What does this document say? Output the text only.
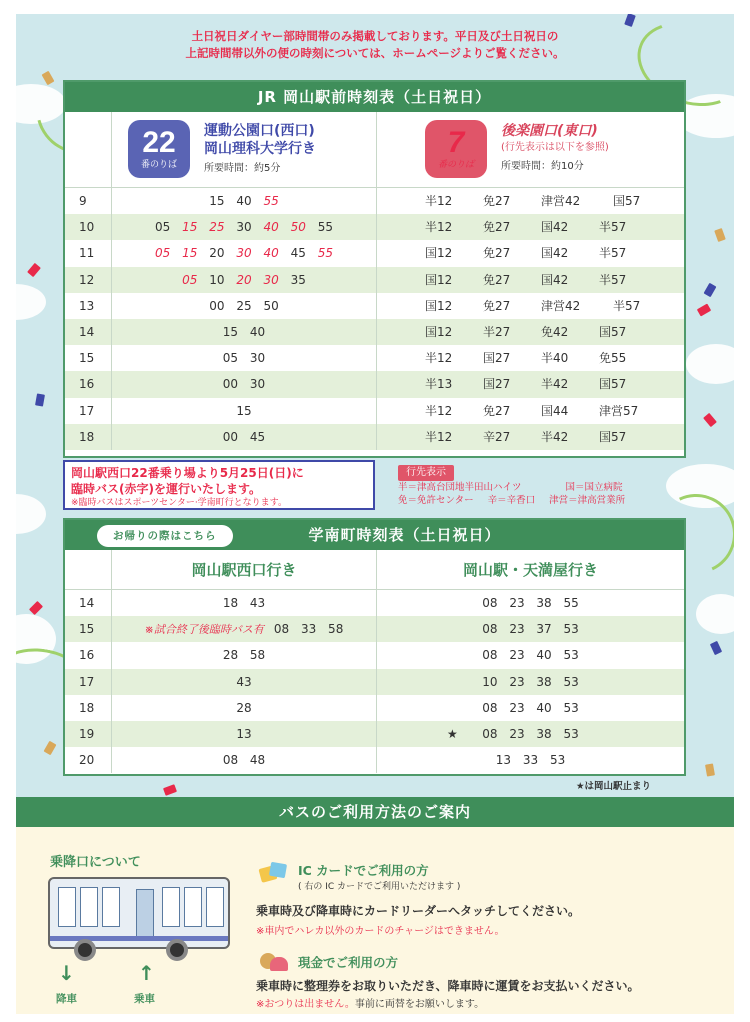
土日祝日ダイヤー部時間帯のみ掲載しております。平日及び土日祝日の
上記時間帯以外の便の時刻については、ホームページよりご覧ください。
JR 岡山駅前時刻表（土日祝日）
22
番のりば
運動公園口(西口)
岡山理科大学行き
所要時間：約5分
7
番のりば
後楽園口(東口)
(行先表示は以下を参照)
所要時間：約10分
9	15 40 55	半12	免27	津営42	国57
10	05 15 25 30 40 50 55	半12	免27	国42	半57
11	05 15 20 30 40 45 55	国12	免27	国42	半57
12	05 10 20 30 35	国12	免27	国42	半57
13	00 25 50	国12	免27	津営42	半57
14	15 40	国12	半27	免42	国57
15	05 30	半12	国27	半40	免55
16	00 30	半13	国27	半42	国57
17	15	半12	免27	国44	津営57
18	00 45	半12	辛27	半42	国57
岡山駅西口22番乗り場より5月25日(日)に
臨時バス(赤字)を運行いたします。
※臨時バスはスポーツセンター·学南町行となります。
行先表示
半＝津高台団地半田山ハイツ	国＝国立病院
免＝免許センター 辛＝辛香口 津営＝津高営業所
お帰りの際はこちら	学南町時刻表（土日祝日）
岡山駅西口行き	岡山駅・天満屋行き
14	18 43	08 23 38 55
15	※試合終了後臨時バス有 08 33 58	08 23 37 53
16	28 58	08 23 40 53
17	43	10 23 38 53
18	28	08 23 40 53
19	13	★ 08 23 38 53
20	08 48	13 33 53
★は岡山駅止まり
バスのご利用方法のご案内
乗降口について
↓	↑
降車	乗車
IC カードでご利用の方
( 右の IC カードでご利用いただけます )
乗車時及び降車時にカードリーダーへタッチしてください。
※車内でハレカ以外のカードのチャージはできません。
現金でご利用の方
乗車時に整理券をお取りいただき、降車時に運賃をお支払いください。
※おつりは出ません。事前に両替をお願いします。
